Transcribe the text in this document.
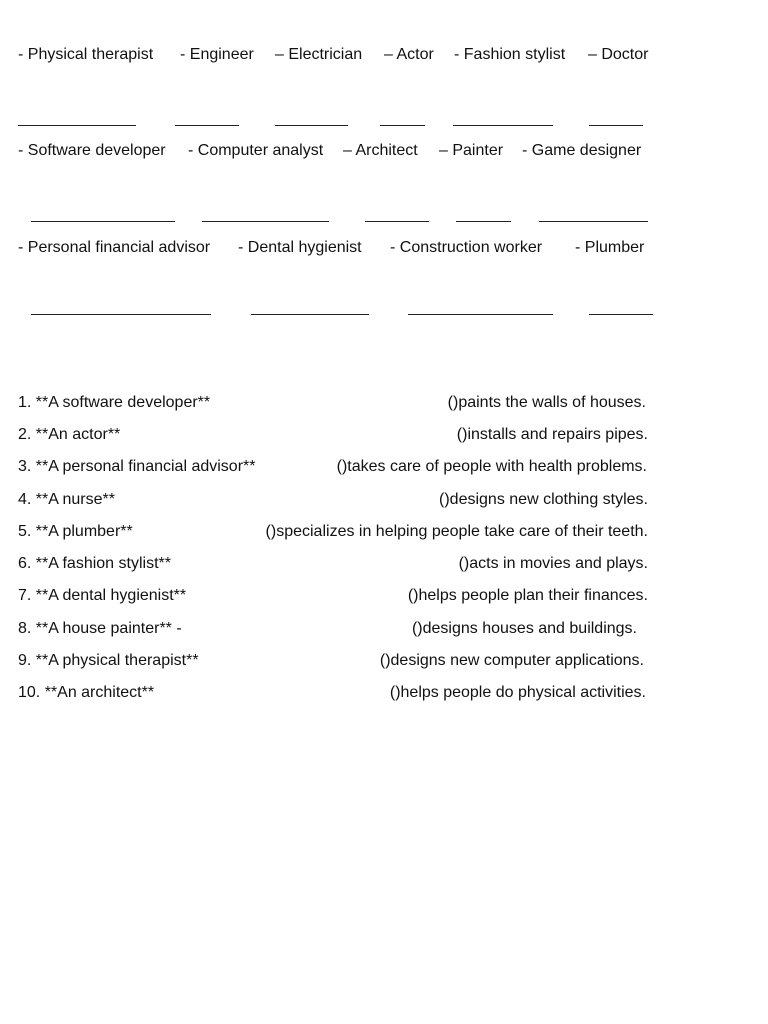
- Physical therapist - Engineer – Electrician – Actor - Fashion stylist – Doctor
- Software developer - Computer analyst – Architect – Painter - Game designer
- Personal financial advisor - Dental hygienist - Construction worker - Plumber
1. **A software developer**	()paints the walls of houses.
2. **An actor**	()installs and repairs pipes.
3. **A personal financial advisor**	()takes care of people with health problems.
4. **A nurse**	()designs new clothing styles.
5. **A plumber**	()specializes in helping people take care of their teeth.
6. **A fashion stylist**	()acts in movies and plays.
7. **A dental hygienist**	()helps people plan their finances.
8. **A house painter** -	()designs houses and buildings.
9. **A physical therapist**	()designs new computer applications.
10. **An architect**	()helps people do physical activities.
